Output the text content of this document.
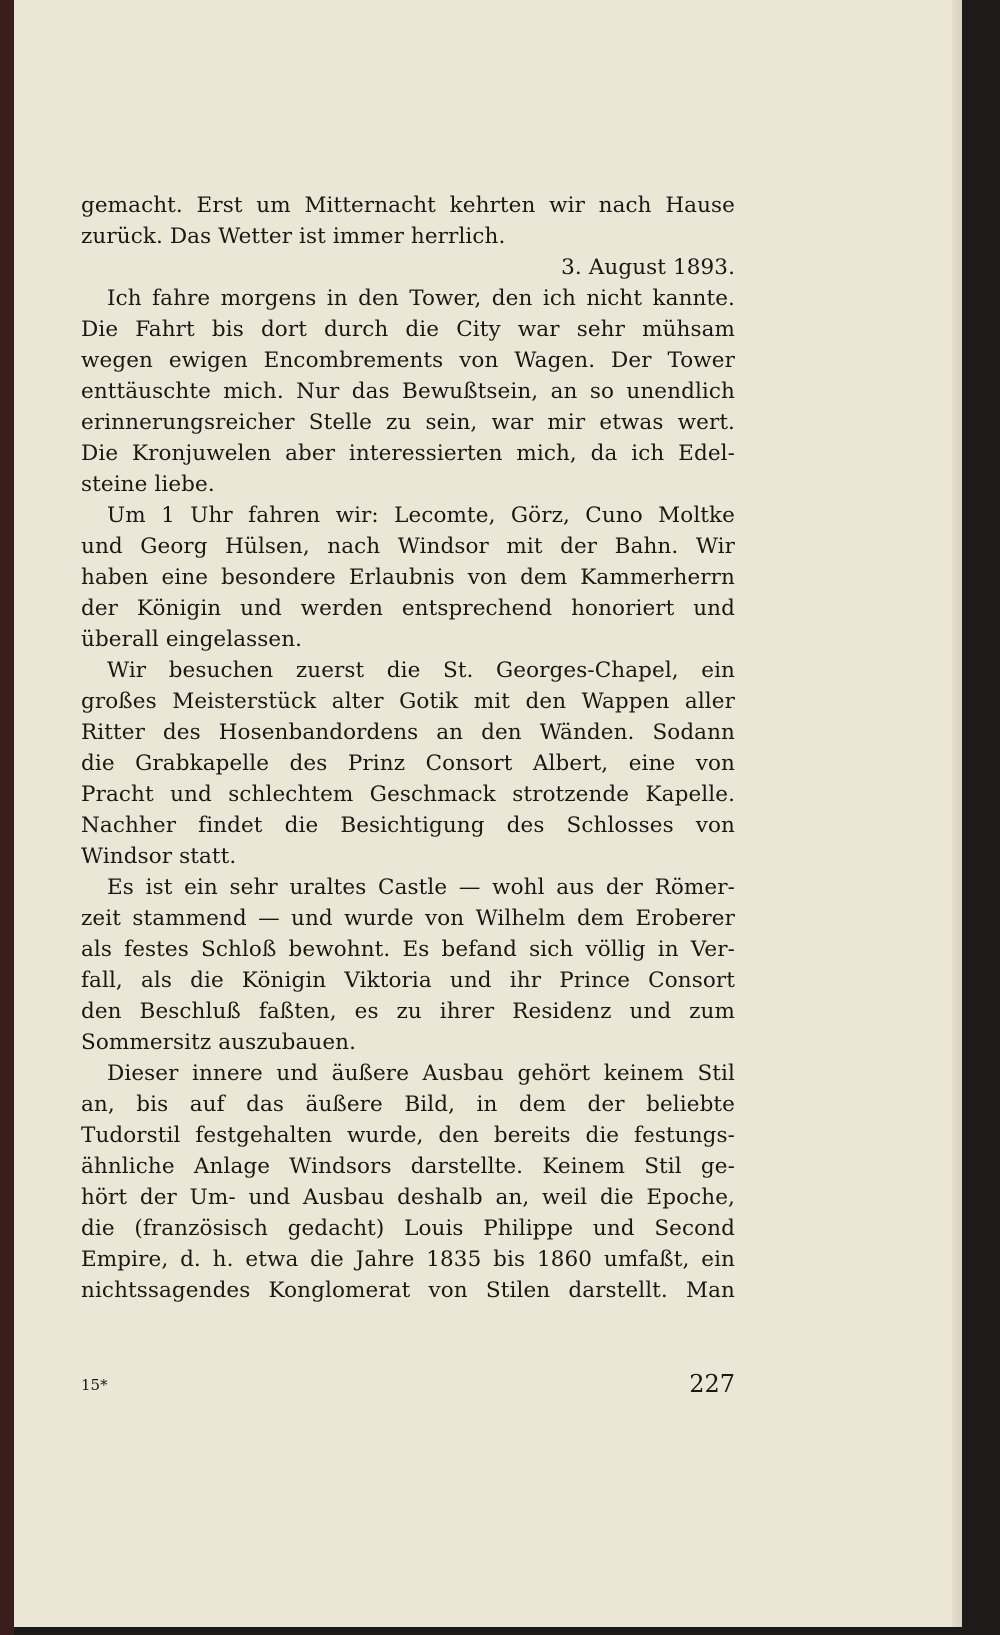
gemacht. Erst um Mitternacht kehrten wir nach Hause
zurück. Das Wetter ist immer herrlich.
3. August 1893.
Ich fahre morgens in den Tower, den ich nicht kannte.
Die Fahrt bis dort durch die City war sehr mühsam
wegen ewigen Encombrements von Wagen. Der Tower
enttäuschte mich. Nur das Bewußtsein, an so unendlich
erinnerungsreicher Stelle zu sein, war mir etwas wert.
Die Kronjuwelen aber interessierten mich, da ich Edel-
steine liebe.
Um 1 Uhr fahren wir: Lecomte, Görz, Cuno Moltke
und Georg Hülsen, nach Windsor mit der Bahn. Wir
haben eine besondere Erlaubnis von dem Kammerherrn
der Königin und werden entsprechend honoriert und
überall eingelassen.
Wir besuchen zuerst die St. Georges-Chapel, ein
großes Meisterstück alter Gotik mit den Wappen aller
Ritter des Hosenbandordens an den Wänden. Sodann
die Grabkapelle des Prinz Consort Albert, eine von
Pracht und schlechtem Geschmack strotzende Kapelle.
Nachher findet die Besichtigung des Schlosses von
Windsor statt.
Es ist ein sehr uraltes Castle — wohl aus der Römer-
zeit stammend — und wurde von Wilhelm dem Eroberer
als festes Schloß bewohnt. Es befand sich völlig in Ver-
fall, als die Königin Viktoria und ihr Prince Consort
den Beschluß faßten, es zu ihrer Residenz und zum
Sommersitz auszubauen.
Dieser innere und äußere Ausbau gehört keinem Stil
an, bis auf das äußere Bild, in dem der beliebte
Tudorstil festgehalten wurde, den bereits die festungs-
ähnliche Anlage Windsors darstellte. Keinem Stil ge-
hört der Um- und Ausbau deshalb an, weil die Epoche,
die (französisch gedacht) Louis Philippe und Second
Empire, d. h. etwa die Jahre 1835 bis 1860 umfaßt, ein
nichtssagendes Konglomerat von Stilen darstellt. Man
15*	227
